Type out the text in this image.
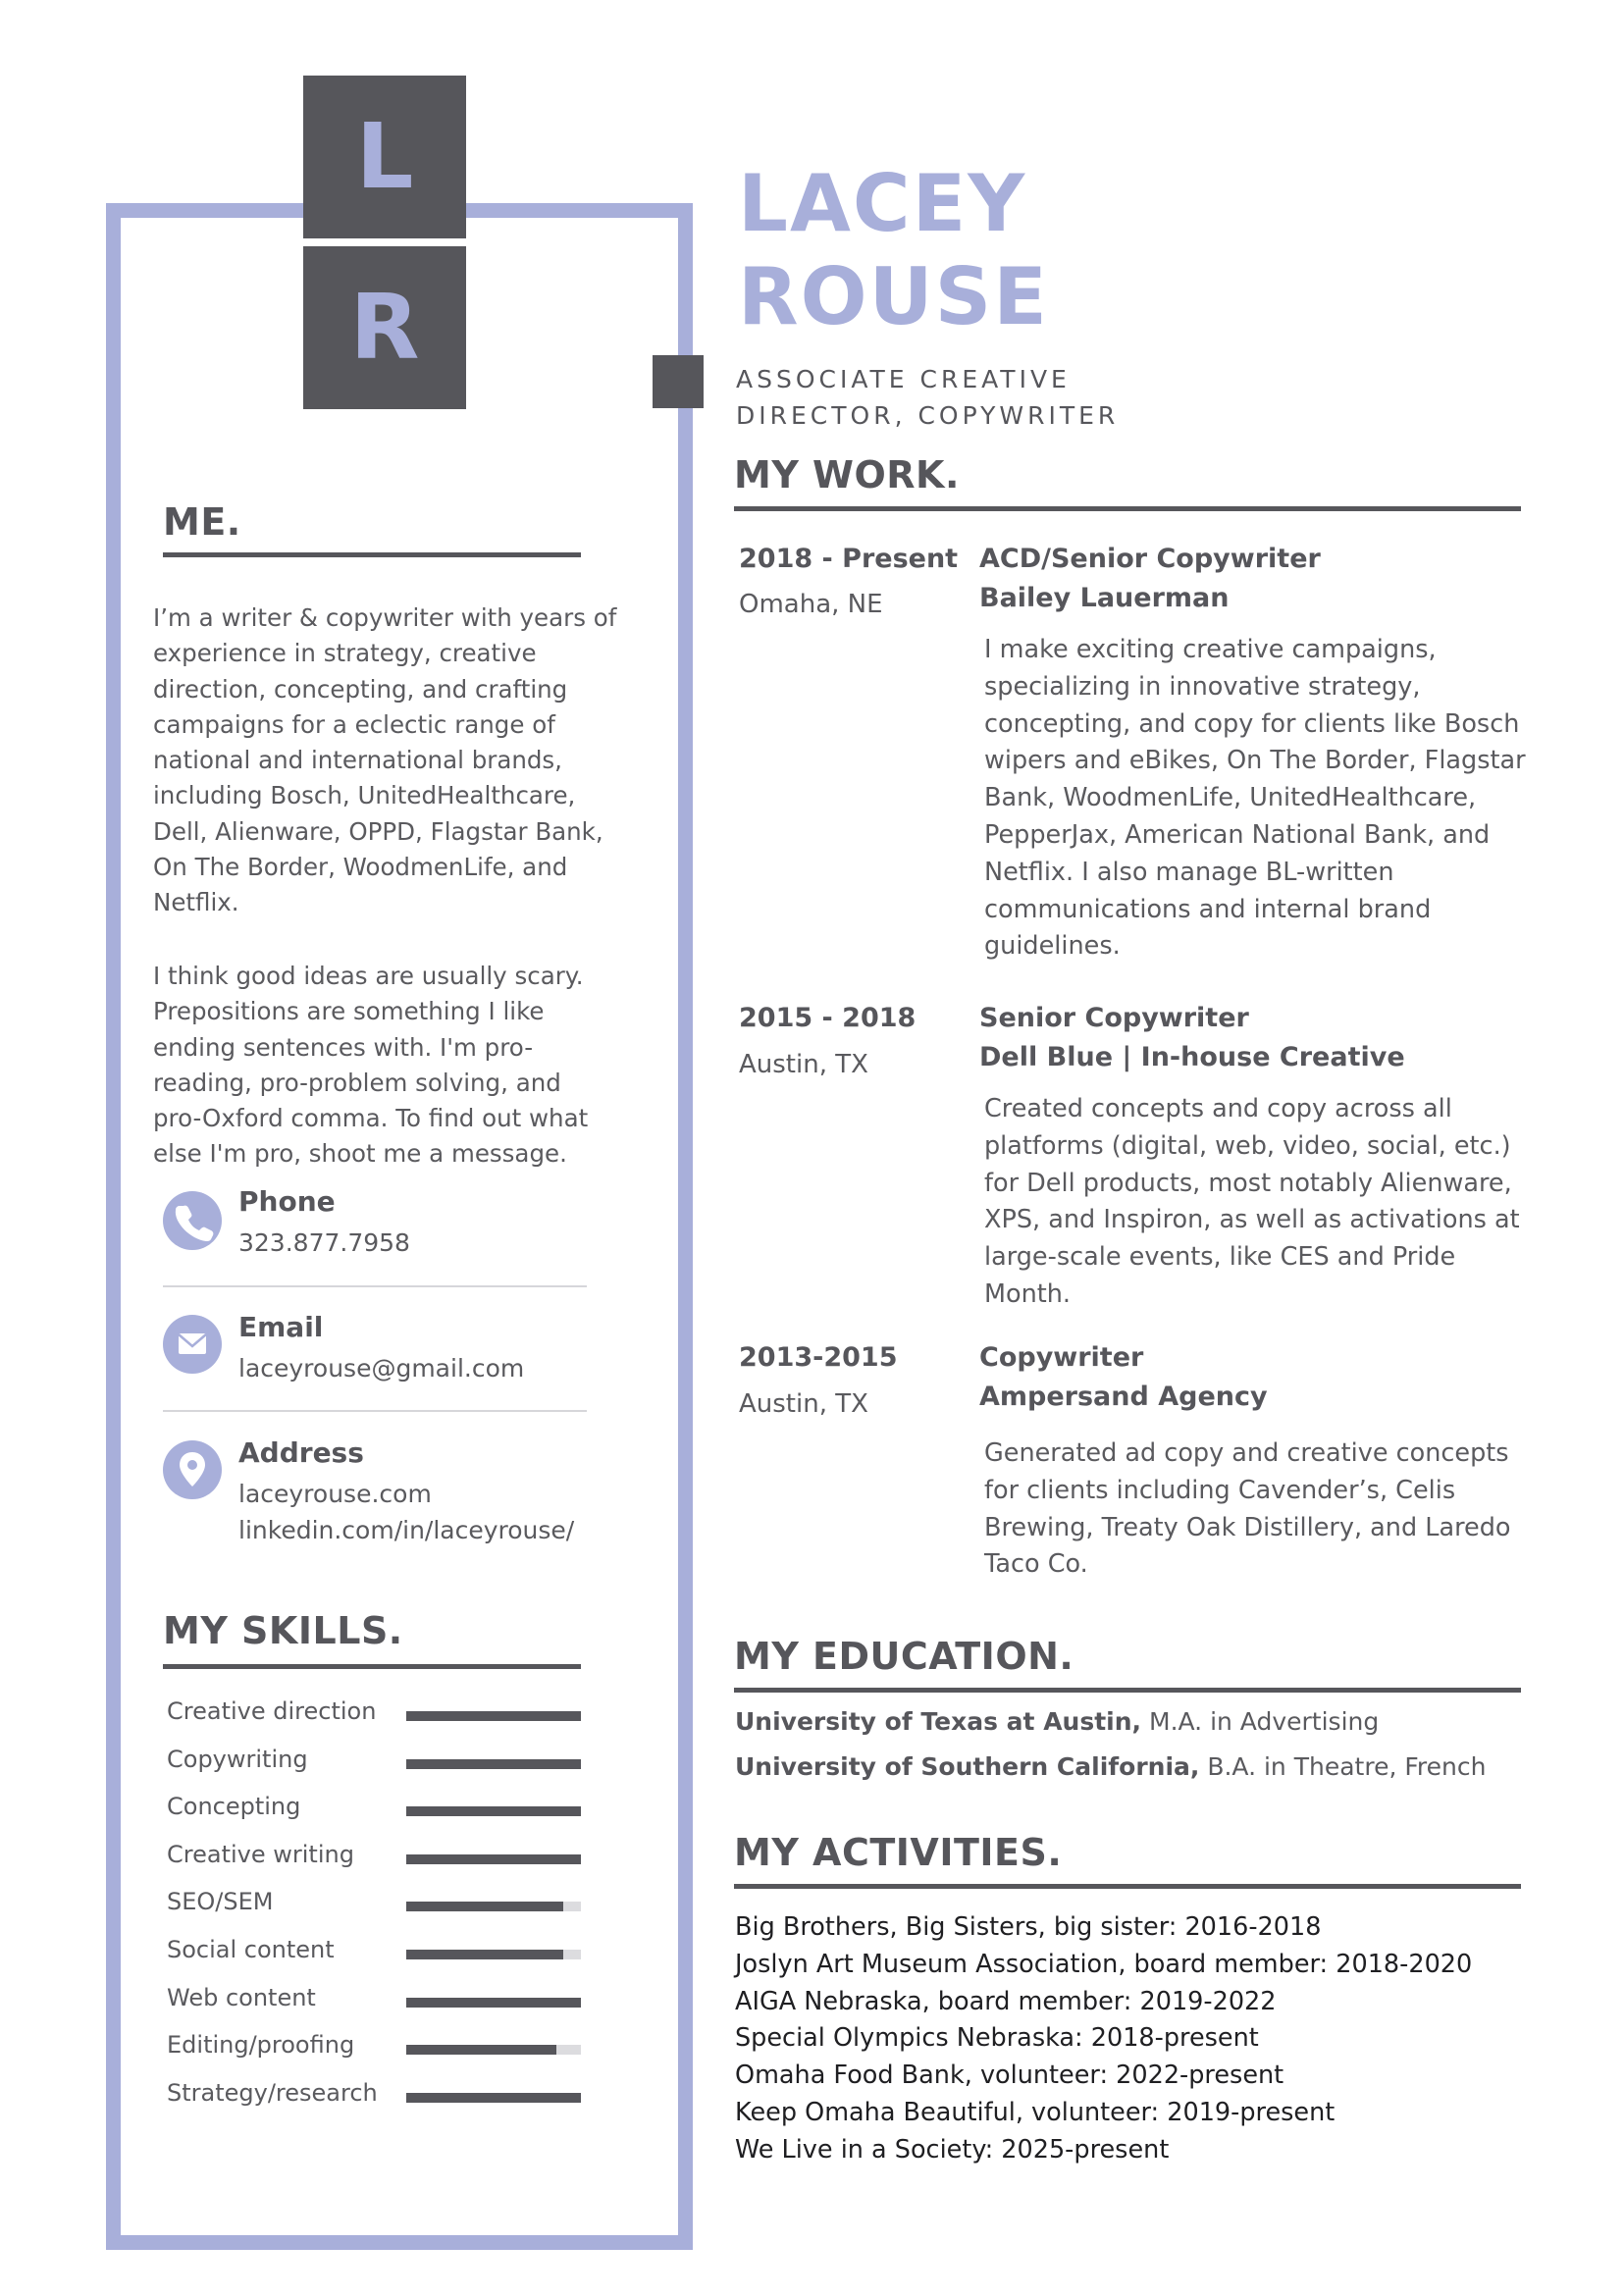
L
R
LACEY
ROUSE
ASSOCIATE CREATIVE
DIRECTOR, COPYWRITER
ME.
I’m a writer & copywriter with years of experience in strategy, creative direction, concepting, and crafting campaigns for a eclectic range of national and international brands, including Bosch, UnitedHealthcare, Dell, Alienware, OPPD, Flagstar Bank, On The Border, WoodmenLife, and Netflix.
I think good ideas are usually scary. Prepositions are something I like ending sentences with. I'm pro-reading, pro-problem solving, and pro-Oxford comma. To find out what else I'm pro, shoot me a message.
Phone
323.877.7958
Email
laceyrouse@gmail.com
Address
laceyrouse.com
linkedin.com/in/laceyrouse/
MY SKILLS.
Creative direction
Copywriting
Concepting
Creative writing
SEO/SEM
Social content
Web content
Editing/proofing
Strategy/research
MY WORK.
2018 - Present
Omaha, NE
ACD/Senior Copywriter
Bailey Lauerman
I make exciting creative campaigns, specializing in innovative strategy, concepting, and copy for clients like Bosch wipers and eBikes, On The Border, Flagstar Bank, WoodmenLife, UnitedHealthcare, PepperJax, American National Bank, and Netflix. I also manage BL-written communications and internal brand guidelines.
2015 - 2018
Austin, TX
Senior Copywriter
Dell Blue | In-house Creative
Created concepts and copy across all platforms (digital, web, video, social, etc.) for Dell products, most notably Alienware, XPS, and Inspiron, as well as activations at large-scale events, like CES and Pride Month.
2013-2015
Austin, TX
Copywriter
Ampersand Agency
Generated ad copy and creative concepts for clients including Cavender’s, Celis Brewing, Treaty Oak Distillery, and Laredo Taco Co.
MY EDUCATION.
University of Texas at Austin, M.A. in Advertising
University of Southern California, B.A. in Theatre, French
MY ACTIVITIES.
Big Brothers, Big Sisters, big sister: 2016-2018
Joslyn Art Museum Association, board member: 2018-2020
AIGA Nebraska, board member: 2019-2022
Special Olympics Nebraska: 2018-present
Omaha Food Bank, volunteer: 2022-present
Keep Omaha Beautiful, volunteer: 2019-present
We Live in a Society: 2025-present
